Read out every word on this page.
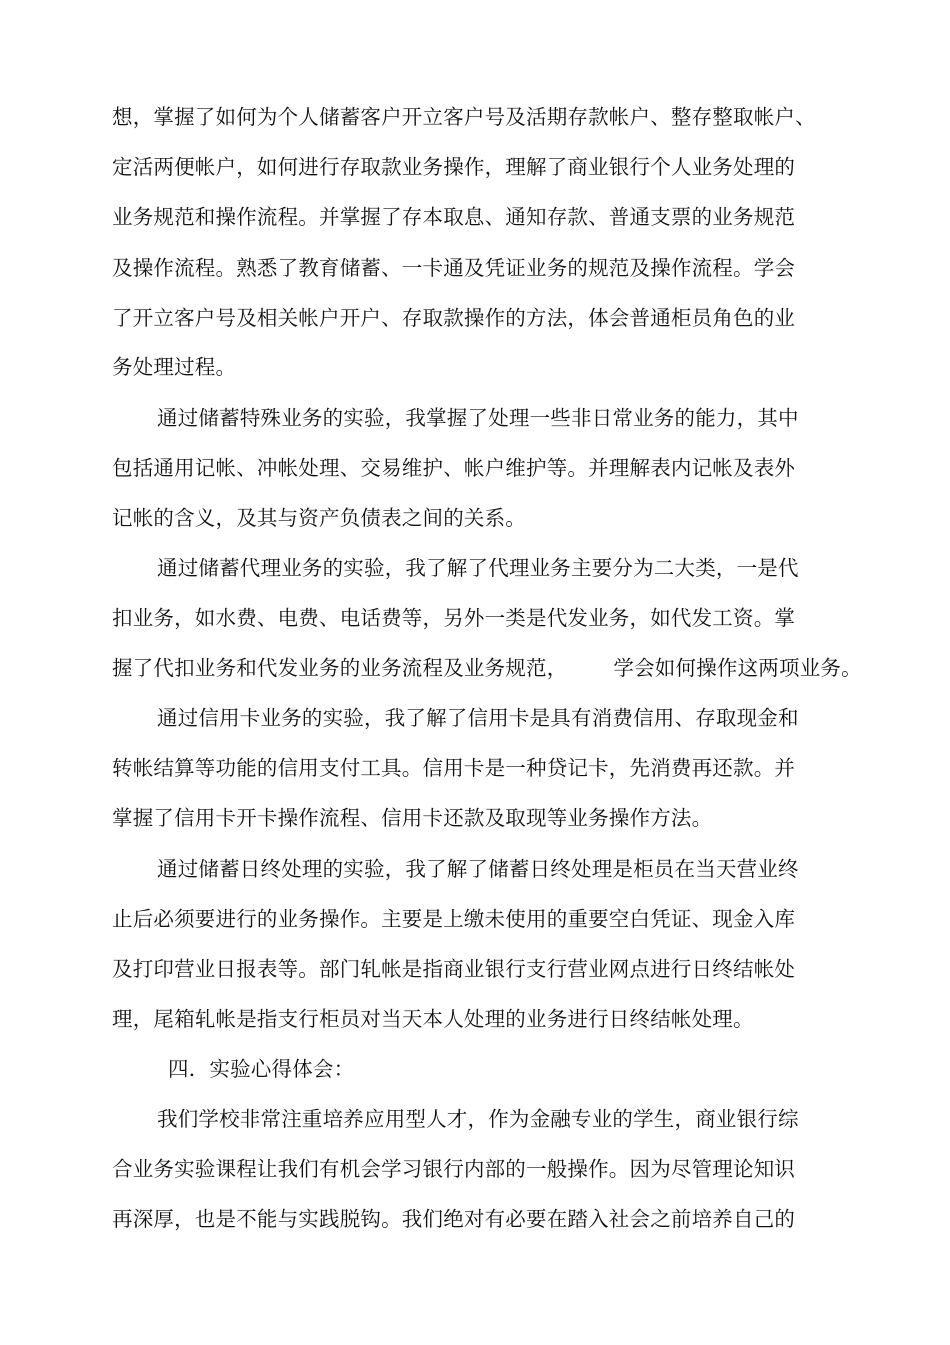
想，掌握了如何为个人储蓄客户开立客户号及活期存款帐户、整存整取帐户、
定活两便帐户，如何进行存取款业务操作，理解了商业银行个人业务处理的
业务规范和操作流程。并掌握了存本取息、通知存款、普通支票的业务规范
及操作流程。熟悉了教育储蓄、一卡通及凭证业务的规范及操作流程。学会
了开立客户号及相关帐户开户、存取款操作的方法，体会普通柜员角色的业
务处理过程。
通过储蓄特殊业务的实验，我掌握了处理一些非日常业务的能力，其中
包括通用记帐、冲帐处理、交易维护、帐户维护等。并理解表内记帐及表外
记帐的含义，及其与资产负债表之间的关系。
通过储蓄代理业务的实验，我了解了代理业务主要分为二大类，一是代
扣业务，如水费、电费、电话费等，另外一类是代发业务，如代发工资。掌
握了代扣业务和代发业务的业务流程及业务规范， 学会如何操作这两项业务。
通过信用卡业务的实验，我了解了信用卡是具有消费信用、存取现金和
转帐结算等功能的信用支付工具。信用卡是一种贷记卡，先消费再还款。并
掌握了信用卡开卡操作流程、信用卡还款及取现等业务操作方法。
通过储蓄日终处理的实验，我了解了储蓄日终处理是柜员在当天营业终
止后必须要进行的业务操作。主要是上缴未使用的重要空白凭证、现金入库
及打印营业日报表等。部门轧帐是指商业银行支行营业网点进行日终结帐处
理，尾箱轧帐是指支行柜员对当天本人处理的业务进行日终结帐处理。
四．实验心得体会：
我们学校非常注重培养应用型人才，作为金融专业的学生，商业银行综
合业务实验课程让我们有机会学习银行内部的一般操作。因为尽管理论知识
再深厚，也是不能与实践脱钩。我们绝对有必要在踏入社会之前培养自己的
